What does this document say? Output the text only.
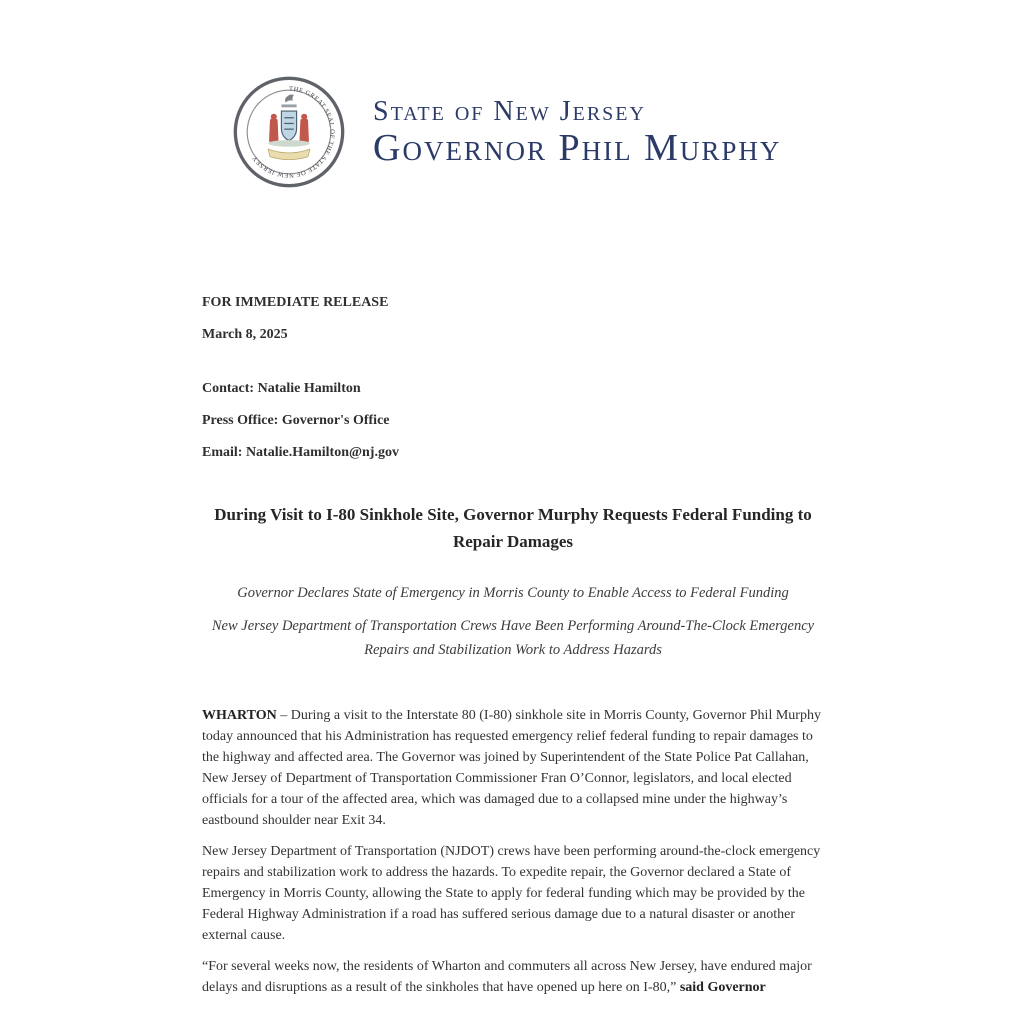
THE GREAT SEAL OF THE STATE OF NEW JERSEY
State of New Jersey
Governor Phil Murphy

FOR IMMEDIATE RELEASE

March 8, 2025

Contact: Natalie Hamilton

Press Office: Governor's Office

Email: Natalie.Hamilton@nj.gov

During Visit to I-80 Sinkhole Site, Governor Murphy Requests Federal Funding to Repair Damages

Governor Declares State of Emergency in Morris County to Enable Access to Federal Funding

New Jersey Department of Transportation Crews Have Been Performing Around-The-Clock Emergency Repairs and Stabilization Work to Address Hazards

WHARTON – During a visit to the Interstate 80 (I-80) sinkhole site in Morris County, Governor Phil Murphy today announced that his Administration has requested emergency relief federal funding to repair damages to the highway and affected area. The Governor was joined by Superintendent of the State Police Pat Callahan, New Jersey of Department of Transportation Commissioner Fran O’Connor, legislators, and local elected officials for a tour of the affected area, which was damaged due to a collapsed mine under the highway’s eastbound shoulder near Exit 34.

New Jersey Department of Transportation (NJDOT) crews have been performing around-the-clock emergency repairs and stabilization work to address the hazards. To expedite repair, the Governor declared a State of Emergency in Morris County, allowing the State to apply for federal funding which may be provided by the Federal Highway Administration if a road has suffered serious damage due to a natural disaster or another external cause.

“For several weeks now, the residents of Wharton and commuters all across New Jersey, have endured major delays and disruptions as a result of the sinkholes that have opened up here on I-80,” said Governor
